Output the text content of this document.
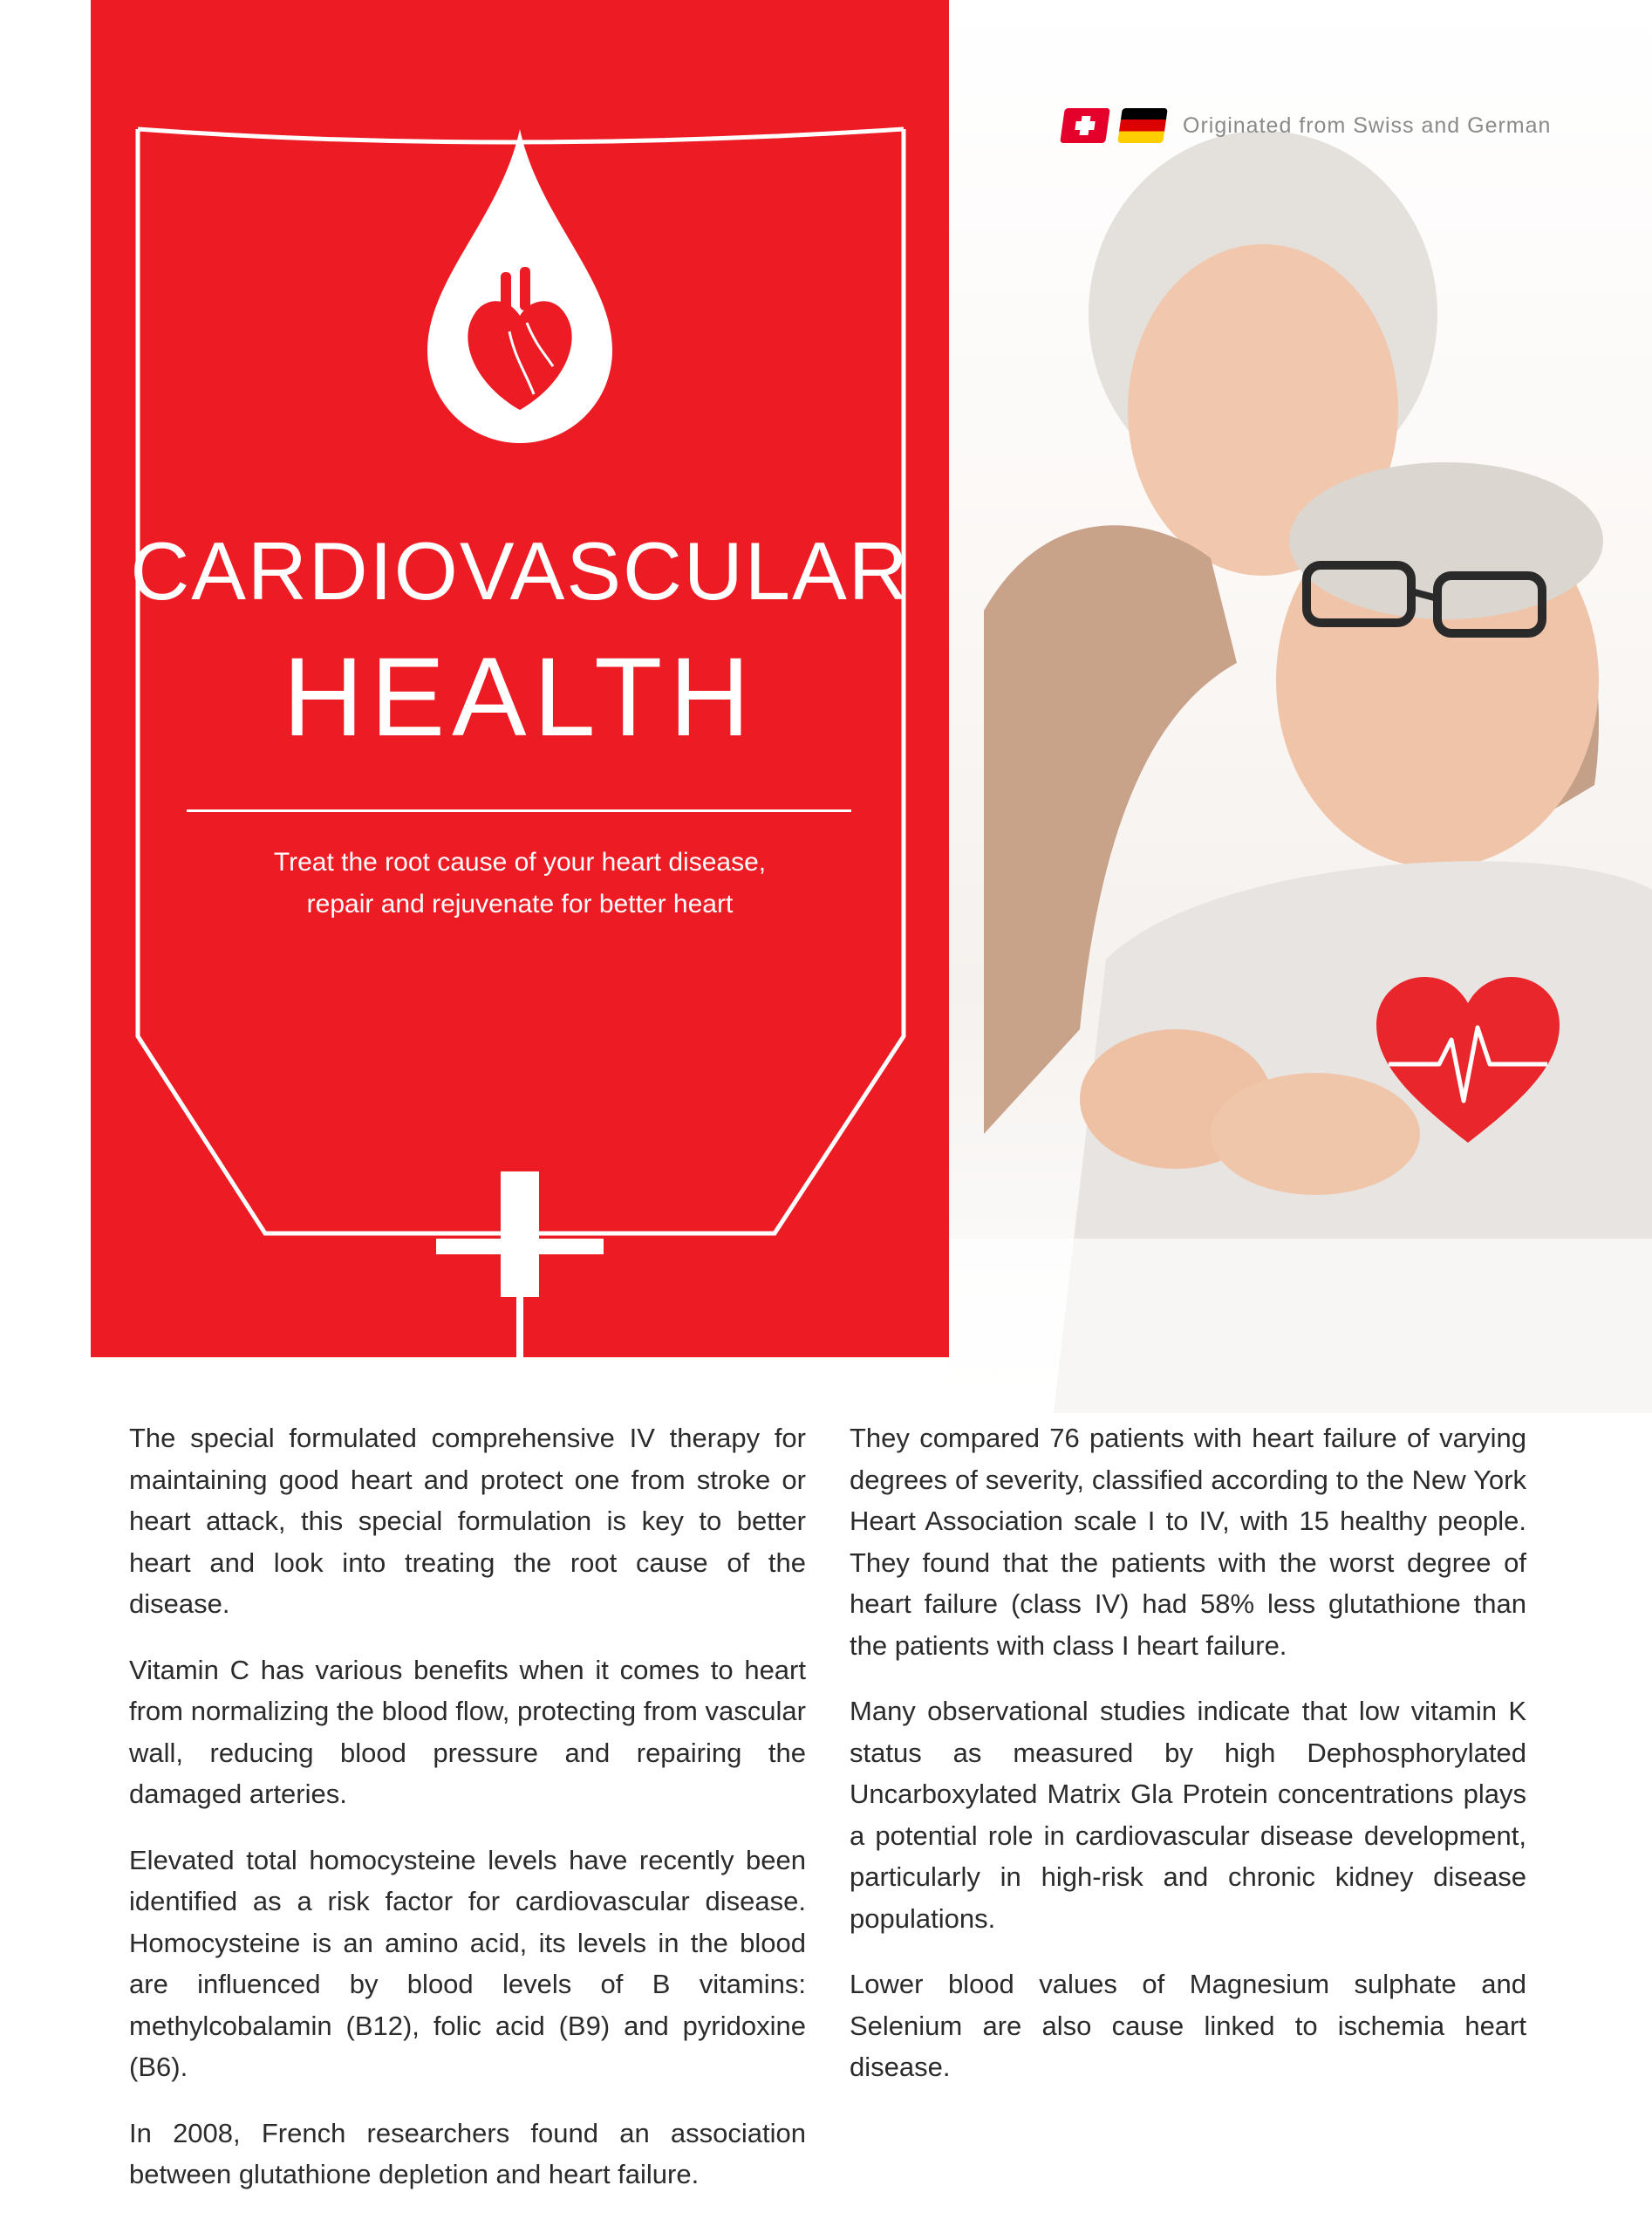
CARDIOVASCULAR
HEALTH
Treat the root cause of your heart disease,
repair and rejuvenate for better heart
Originated from Swiss and German

The special formulated comprehensive IV therapy for maintaining good heart and protect one from stroke or heart attack, this special formulation is key to better heart and look into treating the root cause of the disease.

Vitamin C has various benefits when it comes to heart from normalizing the blood flow, protecting from vascular wall, reducing blood pressure and repairing the damaged arteries.

Elevated total homocysteine levels have recently been identified as a risk factor for cardiovascular disease. Homocysteine is an amino acid, its levels in the blood are influenced by blood levels of B vitamins: methylcobalamin (B12), folic acid (B9) and pyridoxine (B6).

In 2008, French researchers found an association between glutathione depletion and heart failure.

They compared 76 patients with heart failure of varying degrees of severity, classified according to the New York Heart Association scale I to IV, with 15 healthy people. They found that the patients with the worst degree of heart failure (class IV) had 58% less glutathione than the patients with class I heart failure.

Many observational studies indicate that low vitamin K status as measured by high Dephosphorylated Uncarboxylated Matrix Gla Protein concentrations plays a potential role in cardiovascular disease development, particularly in high-risk and chronic kidney disease populations.

Lower blood values of Magnesium sulphate and Selenium are also cause linked to ischemia heart disease.
